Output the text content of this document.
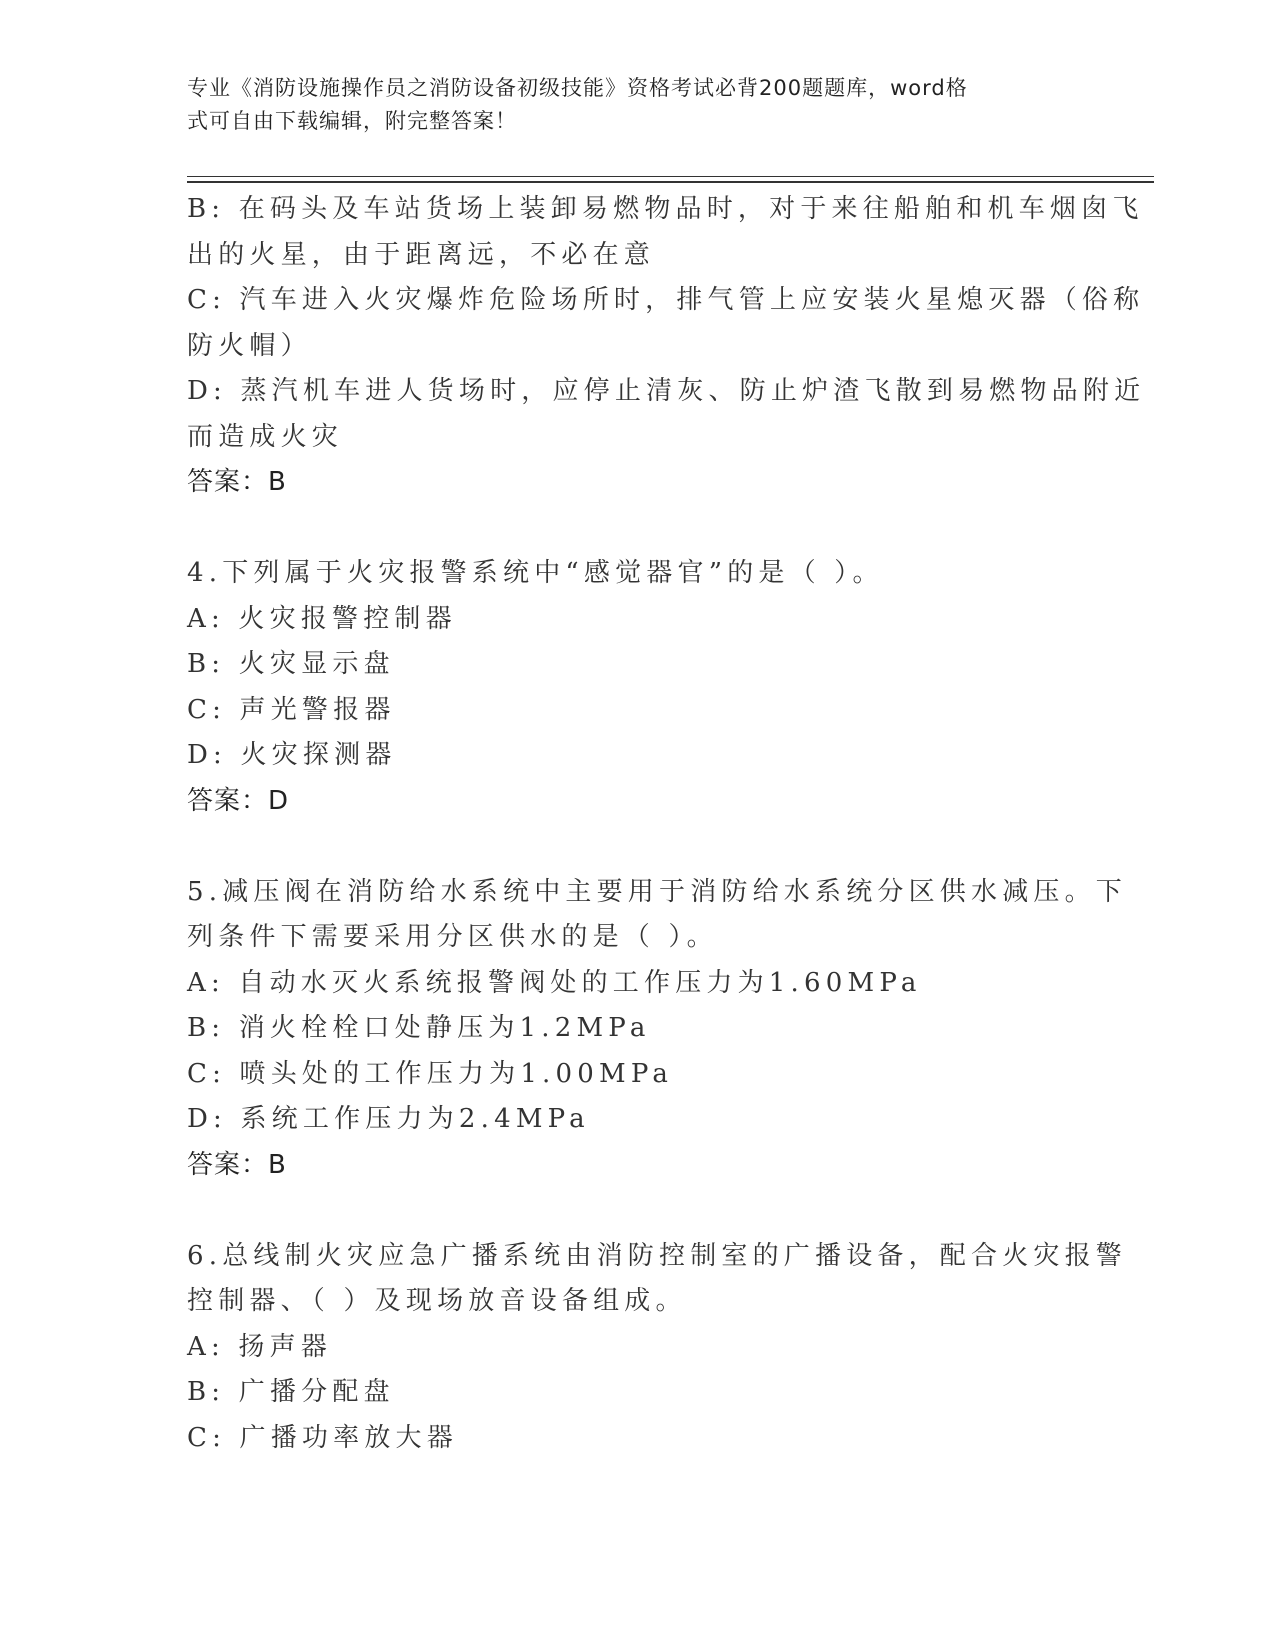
专业《消防设施操作员之消防设备初级技能》资格考试必背200题题库，word格
式可自由下载编辑，附完整答案！
B: 在码头及车站货场上装卸易燃物品时，对于来往船舶和机车烟囱飞
出的火星，由于距离远，不必在意
C: 汽车进入火灾爆炸危险场所时，排气管上应安装火星熄灭器（俗称
防火帽）
D: 蒸汽机车进人货场时，应停止清灰、防止炉渣飞散到易燃物品附近
而造成火灾
答案：B
4.下列属于火灾报警系统中“感觉器官”的是（ ）。
A: 火灾报警控制器
B: 火灾显示盘
C: 声光警报器
D: 火灾探测器
答案：D
5.减压阀在消防给水系统中主要用于消防给水系统分区供水减压。下
列条件下需要采用分区供水的是（ ）。
A: 自动水灭火系统报警阀处的工作压力为1.60MPa
B: 消火栓栓口处静压为1.2MPa
C: 喷头处的工作压力为1.00MPa
D: 系统工作压力为2.4MPa
答案：B
6.总线制火灾应急广播系统由消防控制室的广播设备，配合火灾报警
控制器、（ ）及现场放音设备组成。
A: 扬声器
B: 广播分配盘
C: 广播功率放大器
